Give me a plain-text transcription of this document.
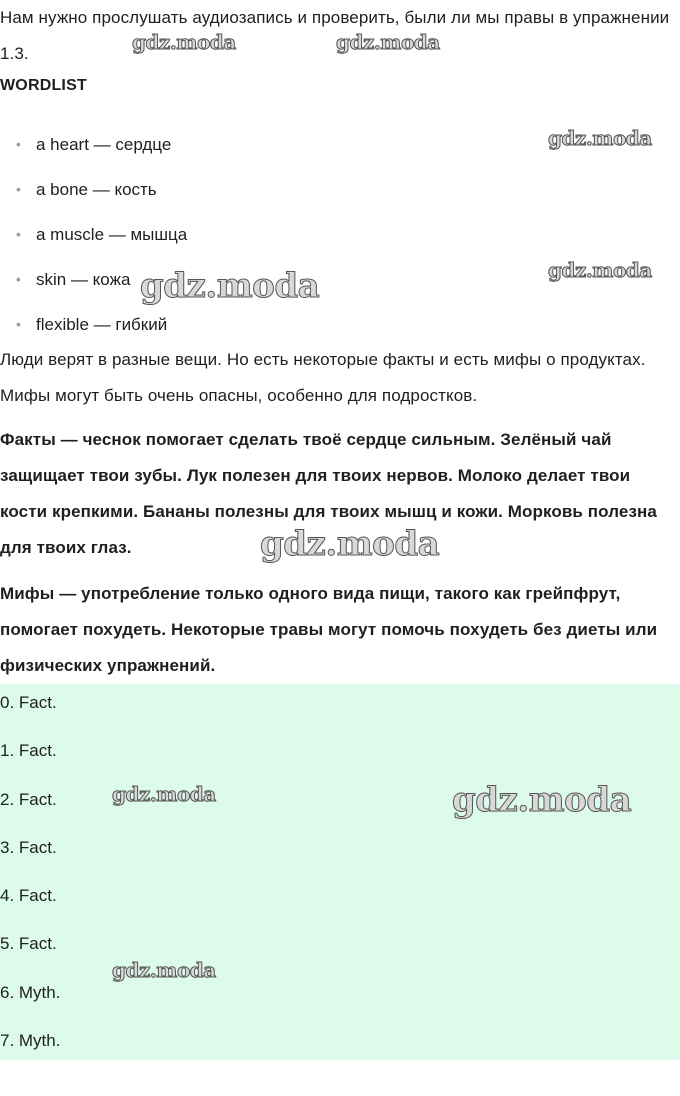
Нам нужно прослушать аудиозапись и проверить, были ли мы правы в упражнении 1.3.

WORDLIST
• a heart — сердце
• a bone — кость
• a muscle — мышца
• skin — кожа
• flexible — гибкий

Люди верят в разные вещи. Но есть некоторые факты и есть мифы о продуктах. Мифы могут быть очень опасны, особенно для подростков.

Факты — чеснок помогает сделать твоё сердце сильным. Зелёный чай защищает твои зубы. Лук полезен для твоих нервов. Молоко делает твои кости крепкими. Бананы полезны для твоих мышц и кожи. Морковь полезна для твоих глаз.

Мифы — употребление только одного вида пищи, такого как грейпфрут, помогает похудеть. Некоторые травы могут помочь похудеть без диеты или физических упражнений.

0. Fact.
1. Fact.
2. Fact.
3. Fact.
4. Fact.
5. Fact.
6. Myth.
7. Myth.
gdz.moda	gdz.moda
gdz.moda
gdz.moda
gdz.moda
gdz.moda
gdz.moda	gdz.moda
gdz.moda
